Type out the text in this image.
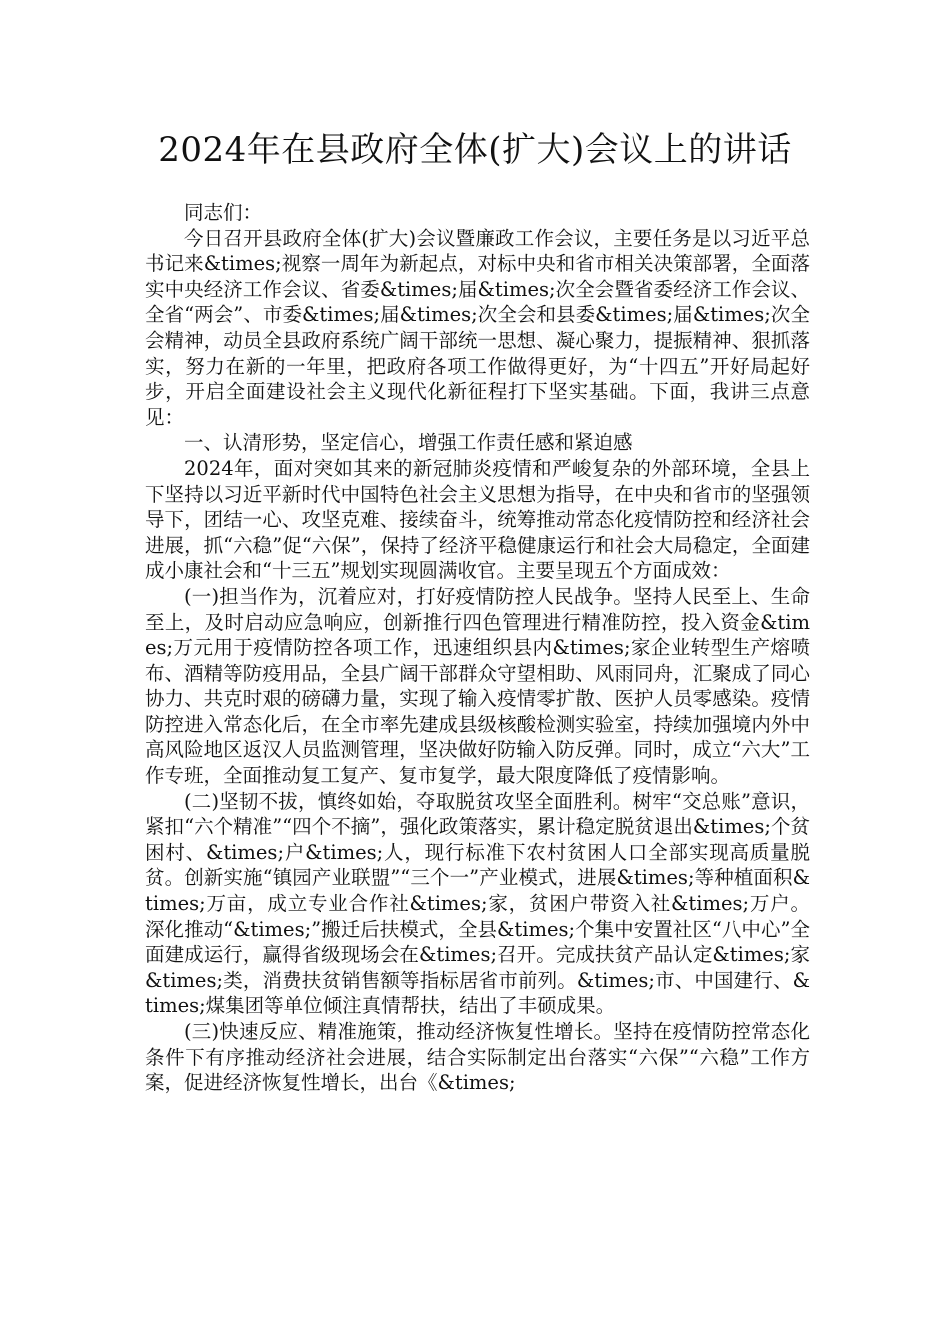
2024年在县政府全体(扩大)会议上的讲话

同志们：

今日召开县政府全体(扩大)会议暨廉政工作会议，主要任务是以习近平总书记来&times;视察一周年为新起点，对标中央和省市相关决策部署，全面落实中央经济工作会议、省委&times;届&times;次全会暨省委经济工作会议、全省“两会”、市委&times;届&times;次全会和县委&times;届&times;次全会精神，动员全县政府系统广阔干部统一思想、凝心聚力，提振精神、狠抓落实，努力在新的一年里，把政府各项工作做得更好，为“十四五”开好局起好步，开启全面建设社会主义现代化新征程打下坚实基础。下面，我讲三点意见：

一、认清形势，坚定信心，增强工作责任感和紧迫感

2024年，面对突如其来的新冠肺炎疫情和严峻复杂的外部环境，全县上下坚持以习近平新时代中国特色社会主义思想为指导，在中央和省市的坚强领导下，团结一心、攻坚克难、接续奋斗，统筹推动常态化疫情防控和经济社会进展，抓“六稳”促“六保”，保持了经济平稳健康运行和社会大局稳定，全面建成小康社会和“十三五”规划实现圆满收官。主要呈现五个方面成效：

(一)担当作为，沉着应对，打好疫情防控人民战争。坚持人民至上、生命至上，及时启动应急响应，创新推行四色管理进行精准防控，投入资金&times;万元用于疫情防控各项工作，迅速组织县内&times;家企业转型生产熔喷布、酒精等防疫用品，全县广阔干部群众守望相助、风雨同舟，汇聚成了同心协力、共克时艰的磅礴力量，实现了输入疫情零扩散、医护人员零感染。疫情防控进入常态化后，在全市率先建成县级核酸检测实验室，持续加强境内外中高风险地区返汉人员监测管理，坚决做好防输入防反弹。同时，成立“六大”工作专班，全面推动复工复产、复市复学，最大限度降低了疫情影响。

(二)坚韧不拔，慎终如始，夺取脱贫攻坚全面胜利。树牢“交总账”意识，紧扣“六个精准”“四个不摘”，强化政策落实，累计稳定脱贫退出&times;个贫困村、&times;户&times;人，现行标准下农村贫困人口全部实现高质量脱贫。创新实施“镇园产业联盟”“三个一”产业模式，进展&times;等种植面积&times;万亩，成立专业合作社&times;家，贫困户带资入社&times;万户。深化推动“&times;”搬迁后扶模式，全县&times;个集中安置社区“八中心”全面建成运行，赢得省级现场会在&times;召开。完成扶贫产品认定&times;家&times;类，消费扶贫销售额等指标居省市前列。&times;市、中国建行、&times;煤集团等单位倾注真情帮扶，结出了丰硕成果。

(三)快速反应、精准施策，推动经济恢复性增长。坚持在疫情防控常态化条件下有序推动经济社会进展，结合实际制定出台落实“六保”“六稳”工作方案，促进经济恢复性增长，出台《&times;
